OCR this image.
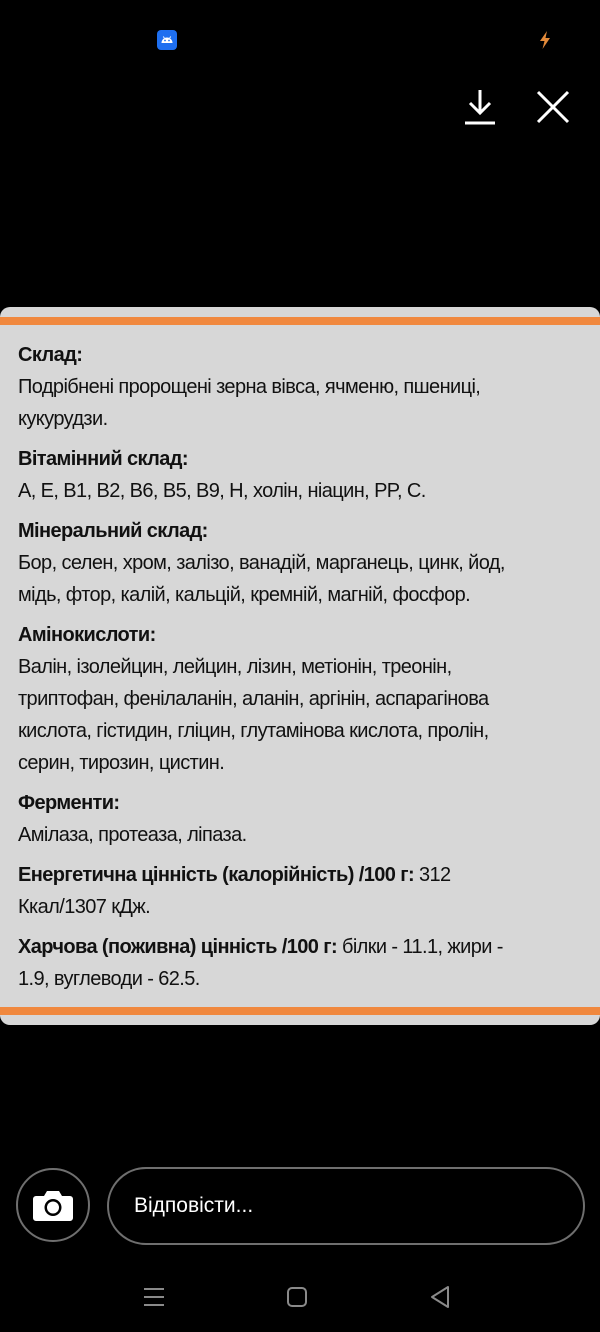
Склад:
Подрібнені пророщені зерна вівса, ячменю, пшениці,
кукурудзи.
Вітамінний склад:
A, E, B1, B2, B6, B5, B9, H, холін, ніацин, PP, C.
Мінеральний склад:
Бор, селен, хром, залізо, ванадій, марганець, цинк, йод,
мідь, фтор, калій, кальцій, кремній, магній, фосфор.
Амінокислоти:
Валін, ізолейцин, лейцин, лізин, метіонін, треонін,
триптофан, фенілаланін, аланін, аргінін, аспарагінова
кислота, гістидин, гліцин, глутамінова кислота, пролін,
серин, тирозин, цистин.
Ферменти:
Амілаза, протеаза, ліпаза.
Енергетична цінність (калорійність) /100 г: 312
Ккал/1307 кДж.
Харчова (поживна) цінність /100 г: білки - 11.1, жири -
1.9, вуглеводи - 62.5.
Відповісти...
